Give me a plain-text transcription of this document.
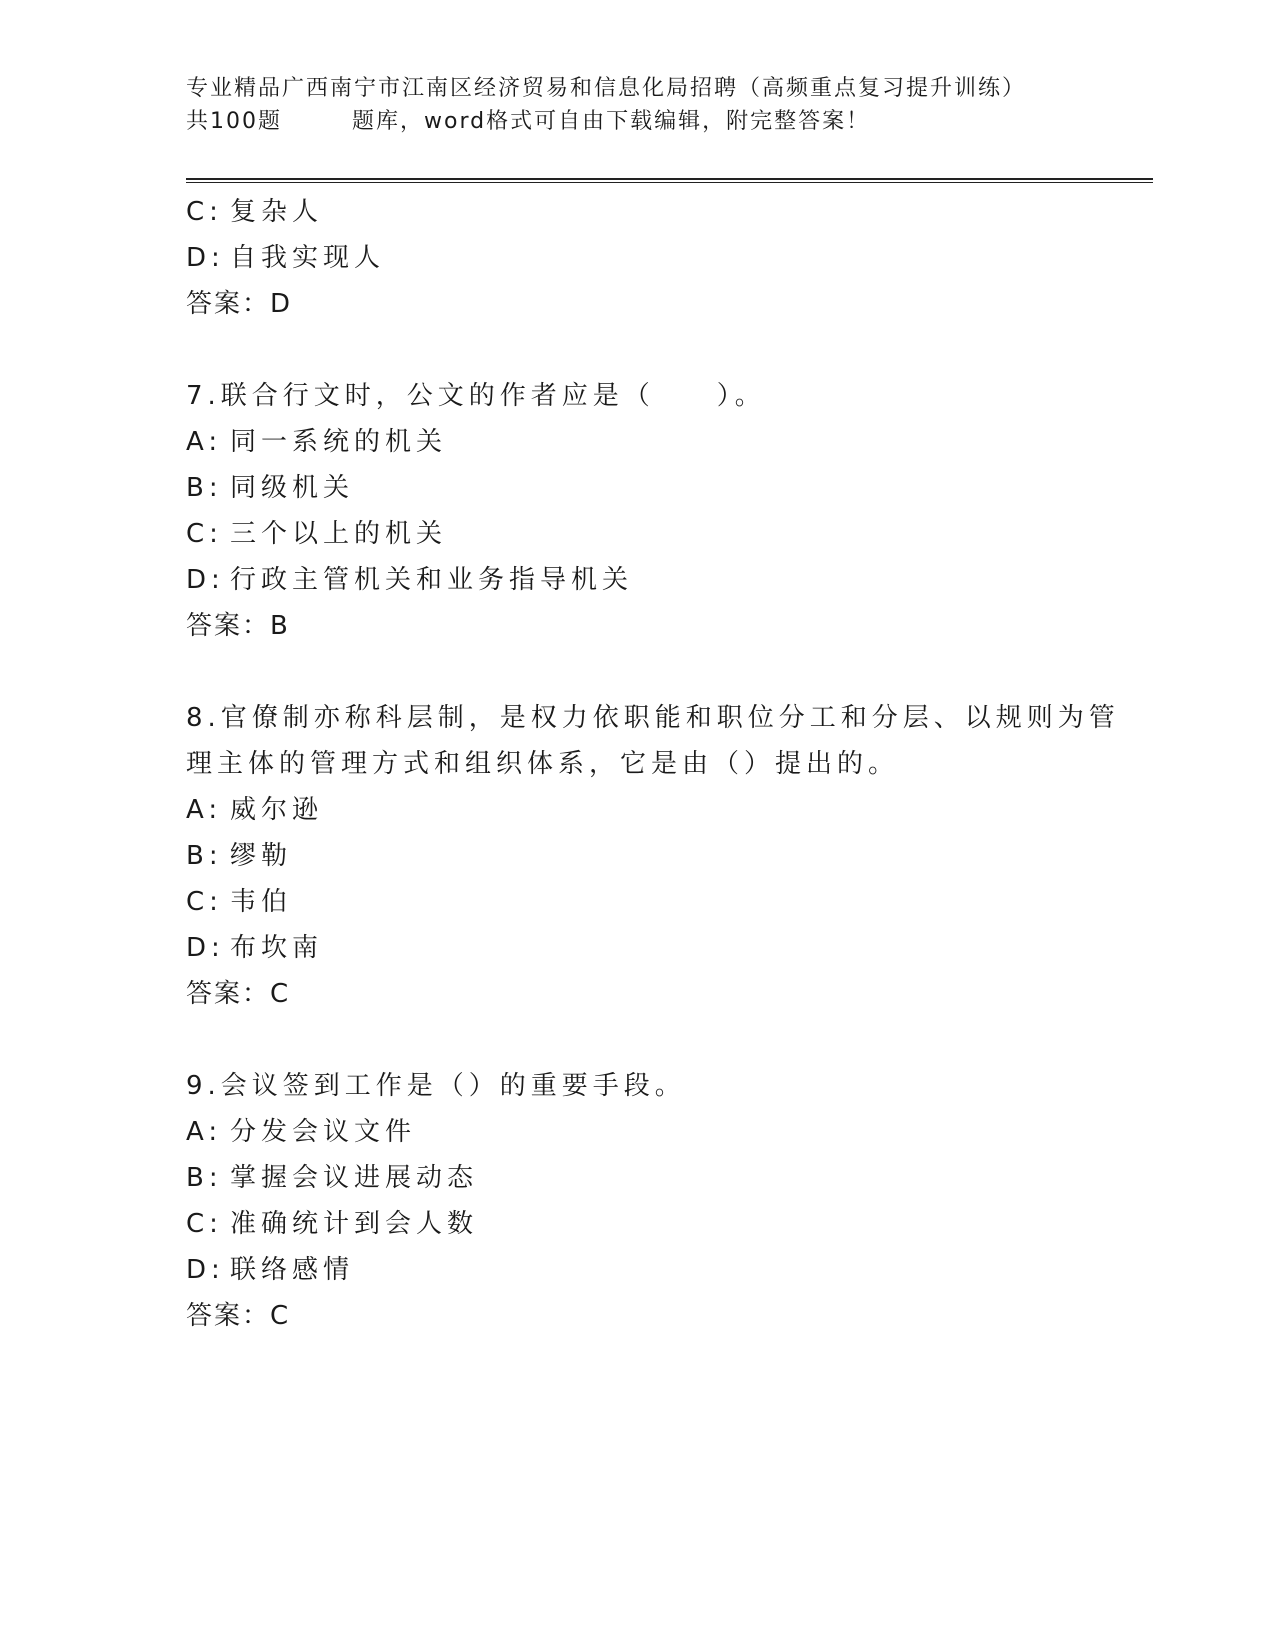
专业精品广西南宁市江南区经济贸易和信息化局招聘（高频重点复习提升训练）
共100题	题库，word格式可自由下载编辑，附完整答案！
C: 复杂人
D: 自我实现人
答案：D
7.联合行文时，公文的作者应是（　　）。
A: 同一系统的机关
B: 同级机关
C: 三个以上的机关
D: 行政主管机关和业务指导机关
答案：B
8.官僚制亦称科层制，是权力依职能和职位分工和分层、以规则为管
理主体的管理方式和组织体系，它是由（）提出的。
A: 威尔逊
B: 缪勒
C: 韦伯
D: 布坎南
答案：C
9.会议签到工作是（）的重要手段。
A: 分发会议文件
B: 掌握会议进展动态
C: 准确统计到会人数
D: 联络感情
答案：C
